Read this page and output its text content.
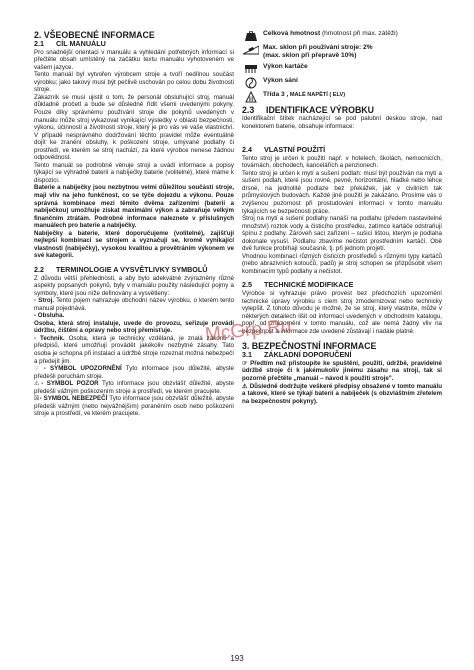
2. VŠEOBECNÉ INFORMACE
2.1 CÍL MANUÁLU

Pro snadnější orientaci v manuálu a vyhledání potřebných informací si přečtěte obsah umístěný na začátku textu manuálu vyhotoveném ve vašem jazyce.

Tento manuál byl vytvořen výrobcem stroje a tvoří nedílnou součást výrobku; jako takový musí být pečlivě uschován po celou dobu životnosti stroje.

Zákazník se musí ujistit o tom, že personál obsluhující stroj, manuál důkladně pročetl a bude se důsledně řídit všemi uvedenými pokyny. Pouze díky správnému používání stroje dle pokynů uvedených v manuálu může stroj vykazovat vynikající výsledky v oblasti bezpečnosti, výkonu, účinnosti a životnosti stroje, který je pro vás ve vaše vlastnictví. V případě nesprávného dodržování těchto pravidel může eventuálně dojít ke zranění obsluhy, k poškození stroje, umývané podlahy či prostředí, ve kterém se stroj nachází, za které výrobce nenese žádnou odpovědnost.

Tento manuál se podrobně věnuje stroji a uvádí informace a popisy týkající se výhradně baterií a nabíječky baterie (volitelné), které máme k dispozici.

Baterie a nabíječky jsou nezbytnou velmi důležitou součástí stroje, mají vliv na jeho funkčnost, co se týče dojezdu a výkonu. Pouze správná kombinace mezi těmito dvěma zařízeními (baterií a nabíječkou) umožňuje získat maximální výkon a zabraňuje velkým finančním ztrátám. Podrobné informace naleznete v příslušných manuálech pro baterie a nabíječky.

Nabíječky a baterie, které doporučujeme (volitelné), zajišťují nejlepší kombinaci se strojem a vyznačují se, kromě vynikající vlastnosti (nabíječky), vysokou kvalitou a provětráním výkonem ve své kategorii.

2.2 TERMINOLOGIE A VYSVĚTLIVKY SYMBOLŮ

Z důvodu větší přehlednosti, a aby bylo adekvátně zvýrazněny různé aspekty popsaných pokynů, byly v manuálu použity následující pojmy a symboly, které jsou níže definovány a vysvětleny:

- Stroj. Tento pojem nahrazuje obchodní název výrobku, o kterém tento manuál pojednává.

- Obsluha.

Osoba, která stroj instaluje, uvede do provozu, seřizuje provádí údržbu, čištění a opravy nebo stroj přemisťuje.

- Technik. Osoba, která je technicky vzdělaná, je znalá zákonů a předpisů, které umožňují provádět jakékoliv nezbytné zásahy. Tato osoba je schopna při instalaci a údržbě stroje rozeznat možná nebezpečí a předejít jim.

☞ - SYMBOL UPOZORNĚNÍ Tyto informace jsou důležité, abyste předešli poruchám stroje.

⚠- SYMBOL POZOR Tyto informace jsou obzvlášť důležité, abyste předešli vážným poškozením stroje a prostředí, ve kterém pracujete.

☒- SYMBOL NEBEZPEČÍ Tyto informace jsou obzvlášť důležité, abyste předešli vážným (nebo nejvážnějším) poraněním osob nebo poškození stroje a prostředí, ve kterém pracujete.

Celková hmotnost (hmotnost při max. zátěži)
Max. sklon při používání stroje: 2%
(max. sklon při přepravě 10%)
Výkon kartáče
Výkon sání
III
Třída 3 , MALÉ NAPĚTÍ ( ELV)
2.3 IDENTIFIKACE VÝROBKU

Identifikační štítek nacházející se pod palubní deskou stroje, nad konektorem baterie, obsahuje informace:

2.4 VLASTNÍ POUŽITÍ

Tento stroj je určen k použití např. v hotelech, školách, nemocnicích, továrnách, obchodech, kancelářích a penzionech.

Tento stroj je určen k mytí a sušení podlah: musí být používán na mytí a sušení podlah, které jsou rovné, pevné, horizontální, hladké nebo lehce drsné, na jednolité podlaze bez překážek, jak v civilních tak průmyslových budovách. Každé jiné použití je zakázáno. Prosíme vás o zvýšenou pozornost při prostudování informací v tomto manuálu týkajících se bezpečnosti práce.

Stroj na mytí a sušení podlahy nanáší na podlahu (předem nastavitelné množství) roztok vody a čisticího prostředku, zatímco kartáče odstraňují špínu z podlahy. Zároveň sací zařízení – sušicí lištou, kterým je podlaha dokonale vysuší. Podlahu zbavíme nečistot prostředním kartáčí. Obě dvě funkce probíhají současně, tj. při jednom projetí.

Vhodnou kombinací různých čisticích prostředků s různými typy kartáčů (nebo abrazivních kotoučů, padů) je stroj schopen se přizpůsobit všem kombinacím typů podlahy a nečistot.

2.5 TECHNICKÉ MODIFIKACE

Výrobce si vyhrazuje právo provést bez předchozích upozornění technické úpravy výrobku s ciem stroj zmodernizovat nebo technicky vylepšit. Z tohoto důvodu je možné, že se stroj, který vlastníte, může v některých detailech lišit od informací uvedených v obchodním katalogu, popř. od znázornění v tomto manuálu, což ale nemá žádný vliv na bezpečnost a informace zde uvedené zůstávají i nadále platné.

3. BEZPEČNOSTNÍ INFORMACE
3.1 ZÁKLADNÍ DOPORUČENÍ

☞ Předtím než přistoupíte ke spuštění, použití, údržbě, pravidelné údržbě stroje či k jakémukoliv jinému zásahu na stroji, tak si pozorně přečtěte „manuál – návod k použití stroje".

⚠ Důsledně dodržujte veškeré předpisy obsažené v tomto manuálu a takové, které se týkají baterií a nabíječek (s obzvláštním zřetelem na bezpečnostní pokyny).

McGrp.Ru
193
